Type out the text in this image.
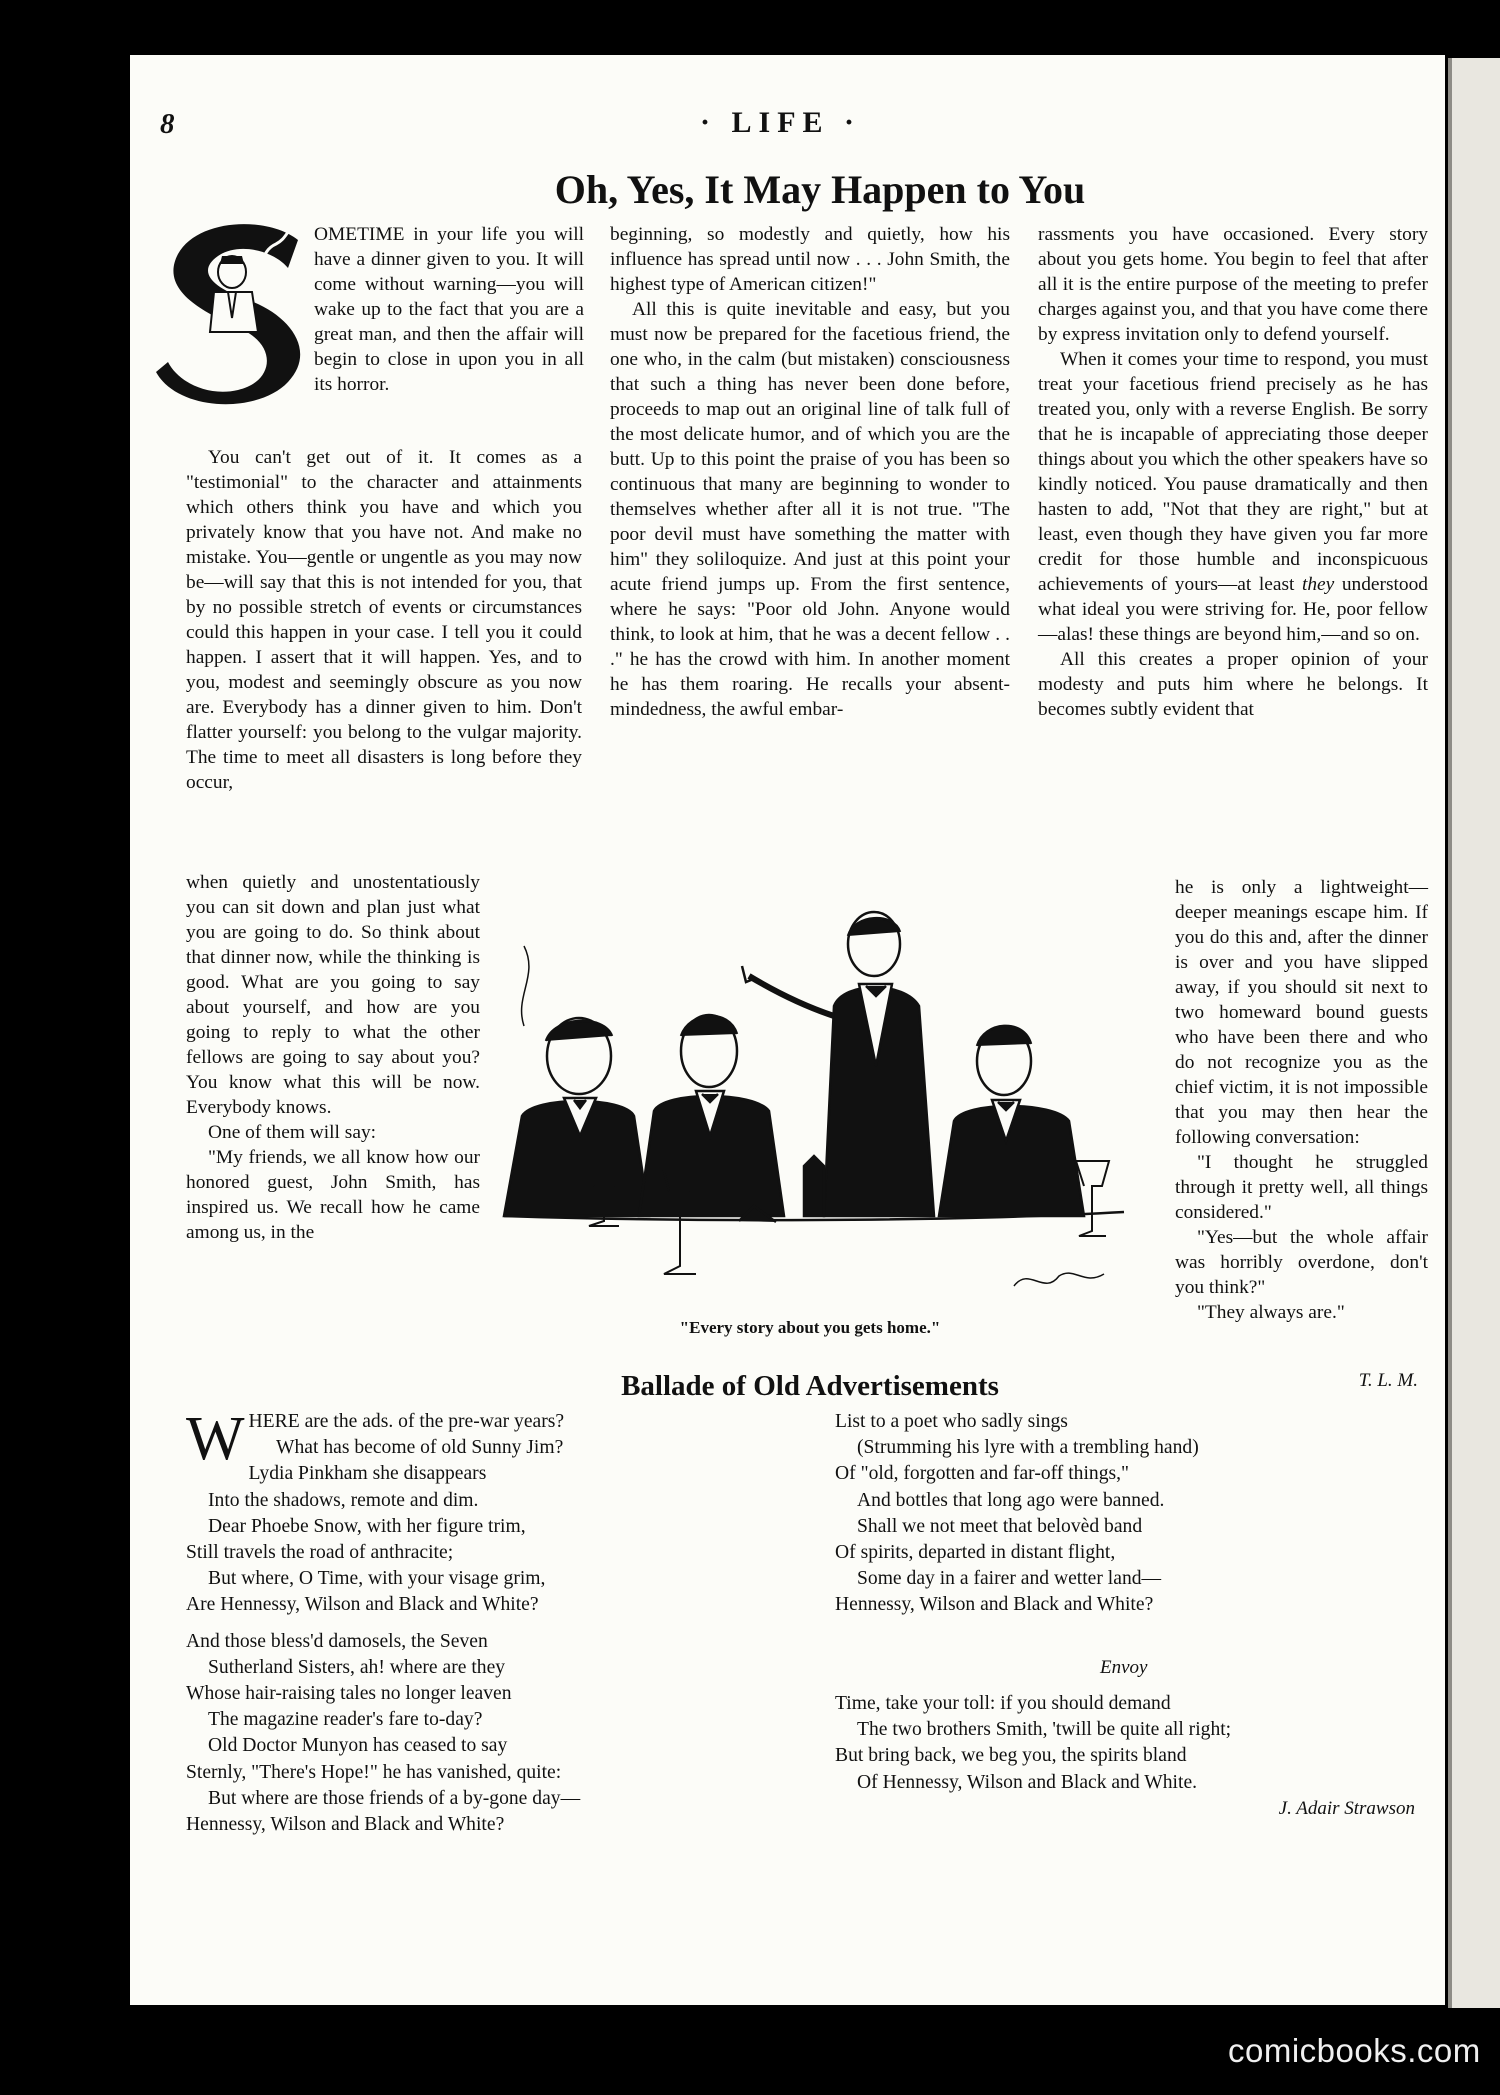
8	· LIFE ·
Oh, Yes, It May Happen to You

OMETIME in your life you will have a dinner given to you. It will come without warning—you will wake up to the fact that you are a great man, and then the affair will begin to close in upon you in all its horror.

You can't get out of it. It comes as a "testimonial" to the character and attainments which others think you have and which you privately know that you have not. And make no mistake. You—gentle or ungentle as you may now be—will say that this is not intended for you, that by no possible stretch of events or circumstances could this happen in your case. I tell you it could happen. I assert that it will happen. Yes, and to you, modest and seemingly obscure as you now are. Everybody has a dinner given to him. Don't flatter yourself: you belong to the vulgar majority. The time to meet all disasters is long before they occur,

when quietly and unostentatiously you can sit down and plan just what you are going to do. So think about that dinner now, while the thinking is good. What are you going to say about yourself, and how are you going to reply to what the other fellows are going to say about you? You know what this will be now. Everybody knows.

One of them will say:

"My friends, we all know how our honored guest, John Smith, has inspired us. We recall how he came among us, in the

beginning, so modestly and quietly, how his influence has spread until now . . . John Smith, the highest type of American citizen!"

All this is quite inevitable and easy, but you must now be prepared for the facetious friend, the one who, in the calm (but mistaken) consciousness that such a thing has never been done before, proceeds to map out an original line of talk full of the most delicate humor, and of which you are the butt. Up to this point the praise of you has been so continuous that many are beginning to wonder to themselves whether after all it is not true. "The poor devil must have something the matter with him" they soliloquize. And just at this point your acute friend jumps up. From the first sentence, where he says: "Poor old John. Anyone would think, to look at him, that he was a decent fellow . . ." he has the crowd with him. In another moment he has them roaring. He recalls your absent-mindedness, the awful embar-

rassments you have occasioned. Every story about you gets home. You begin to feel that after all it is the entire purpose of the meeting to prefer charges against you, and that you have come there by express invitation only to defend yourself.

When it comes your time to respond, you must treat your facetious friend precisely as he has treated you, only with a reverse English. Be sorry that he is incapable of appreciating those deeper things about you which the other speakers have so kindly noticed. You pause dramatically and then hasten to add, "Not that they are right," but at least, even though they have given you far more credit for those humble and inconspicuous achievements of yours—at least they understood what ideal you were striving for. He, poor fellow—alas! these things are beyond him,—and so on.

All this creates a proper opinion of your modesty and puts him where he belongs. It becomes subtly evident that

he is only a lightweight—deeper meanings escape him. If you do this and, after the dinner is over and you have slipped away, if you should sit next to two homeward bound guests who have been there and who do not recognize you as the chief victim, it is not impossible that you may then hear the following conversation:

"I thought he struggled through it pretty well, all things considered."

"Yes—but the whole affair was horribly overdone, don't you think?"

"They always are."

"Every story about you gets home."
T. L. M.
Ballade of Old Advertisements
W HERE are the ads. of the pre-war years?
What has become of old Sunny Jim?
Lydia Pinkham she disappears
Into the shadows, remote and dim.
Dear Phoebe Snow, with her figure trim,
Still travels the road of anthracite;
But where, O Time, with your visage grim,
Are Hennessy, Wilson and Black and White?
And those bless'd damosels, the Seven
Sutherland Sisters, ah! where are they
Whose hair-raising tales no longer leaven
The magazine reader's fare to-day?
Old Doctor Munyon has ceased to say
Sternly, "There's Hope!" he has vanished, quite:
But where are those friends of a by-gone day—
Hennessy, Wilson and Black and White?
List to a poet who sadly sings
(Strumming his lyre with a trembling hand)
Of "old, forgotten and far-off things,"
And bottles that long ago were banned.
Shall we not meet that belovèd band
Of spirits, departed in distant flight,
Some day in a fairer and wetter land—
Hennessy, Wilson and Black and White?
Envoy
Time, take your toll: if you should demand
The two brothers Smith, 'twill be quite all right;
But bring back, we beg you, the spirits bland
Of Hennessy, Wilson and Black and White.
J. Adair Strawson
comicbooks.com
